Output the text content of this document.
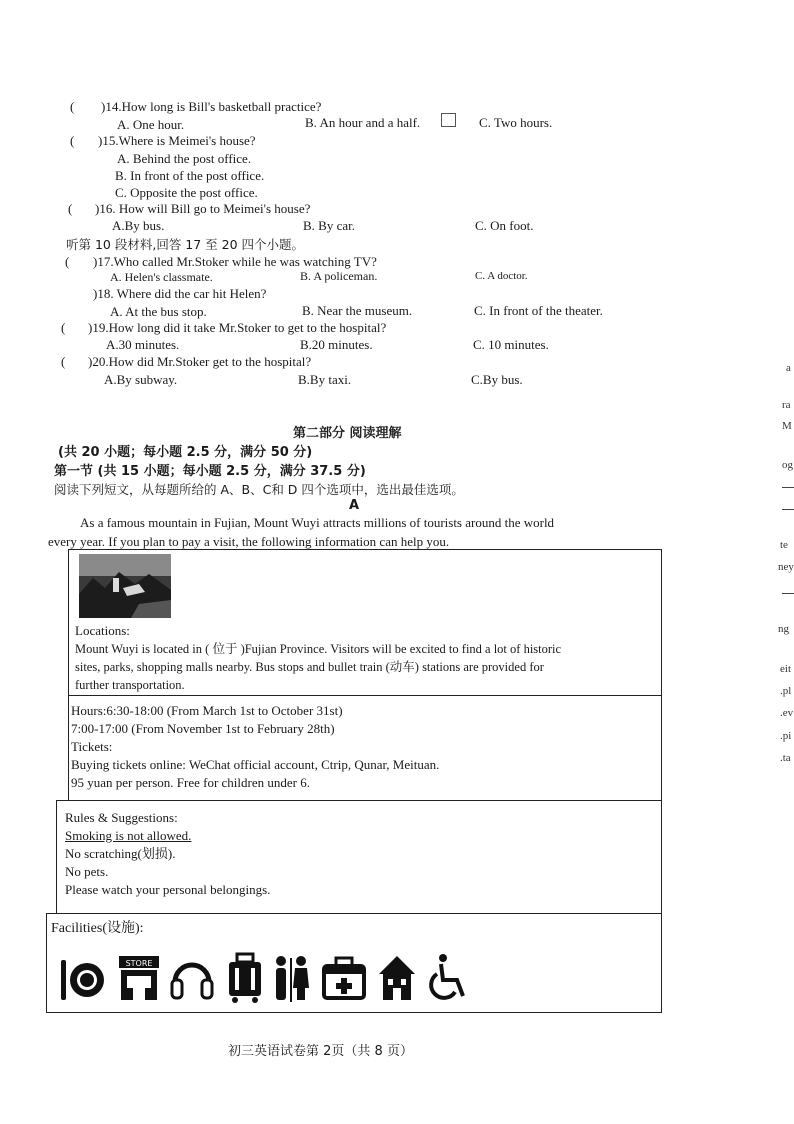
( )14.How long is Bill's basketball practice?
A. One hour.	B. An hour and a half.	C. Two hours.
( )15.Where is Meimei's house?
A. Behind the post office.
B. In front of the post office.
C. Opposite the post office.
( )16. How will Bill go to Meimei's house?
A.By bus.	B. By car.	C. On foot.
听第 10 段材料,回答 17 至 20 四个小题。
( )17.Who called Mr.Stoker while he was watching TV?
A. Helen's classmate.	B. A policeman.	C. A doctor.
)18. Where did the car hit Helen?
A. At the bus stop.	B. Near the museum.	C. In front of the theater.
( )19.How long did it take Mr.Stoker to get to the hospital?
A.30 minutes.	B.20 minutes.	C. 10 minutes.
( )20.How did Mr.Stoker get to the hospital?
A.By subway.	B.By taxi.	C.By bus.
第二部分 阅读理解
(共 20 小题；每小题 2.5 分，满分 50 分)
第一节 (共 15 小题；每小题 2.5 分，满分 37.5 分)
阅读下列短文，从每题所给的 A、B、C和 D 四个选项中，选出最佳选项。
A
As a famous mountain in Fujian, Mount Wuyi attracts millions of tourists around the world
every year. If you plan to pay a visit, the following information can help you.

Locations:

Mount Wuyi is located in ( 位于 )Fujian Province. Visitors will be excited to find a lot of historic

sites, parks, shopping malls nearby. Bus stops and bullet train (动车) stations are provided for

further transportation.

Hours:6:30-18:00 (From March 1st to October 31st)

7:00-17:00 (From November 1st to February 28th)

Tickets:

Buying tickets online: WeChat official account, Ctrip, Qunar, Meituan.

95 yuan per person. Free for children under 6.

Rules & Suggestions:

Smoking is not allowed.

No scratching(划损).

No pets.

Please watch your personal belongings.

Facilities(设施):

STORE
初三英语试卷第 2页（共 8 页）
a
ra
M
og
te
ney
ng
eit
.pl
.ev
.pi
.ta
